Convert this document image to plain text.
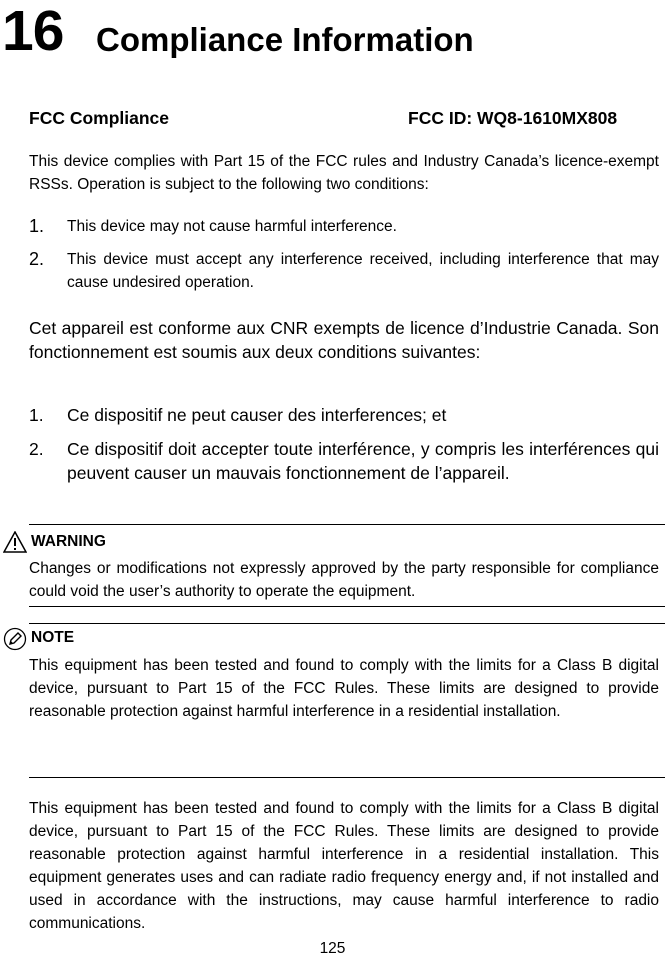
16 Compliance Information
FCC Compliance	FCC ID: WQ8-1610MX808
This device complies with Part 15 of the FCC rules and Industry Canada’s licence-exempt RSSs. Operation is subject to the following two conditions:
1. This device may not cause harmful interference.
2. This device must accept any interference received, including interference that may cause undesired operation.
Cet appareil est conforme aux CNR exempts de licence d’Industrie Canada. Son fonctionnement est soumis aux deux conditions suivantes:
1. Ce dispositif ne peut causer des interferences; et
2. Ce dispositif doit accepter toute interférence, y compris les interférences qui peuvent causer un mauvais fonctionnement de l’appareil.
WARNING
Changes or modifications not expressly approved by the party responsible for compliance could void the user’s authority to operate the equipment.
NOTE
This equipment has been tested and found to comply with the limits for a Class B digital device, pursuant to Part 15 of the FCC Rules. These limits are designed to provide reasonable protection against harmful interference in a residential installation.
This equipment has been tested and found to comply with the limits for a Class B digital device, pursuant to Part 15 of the FCC Rules. These limits are designed to provide reasonable protection against harmful interference in a residential installation. This equipment generates uses and can radiate radio frequency energy and, if not installed and used in accordance with the instructions, may cause harmful interference to radio communications.
125
